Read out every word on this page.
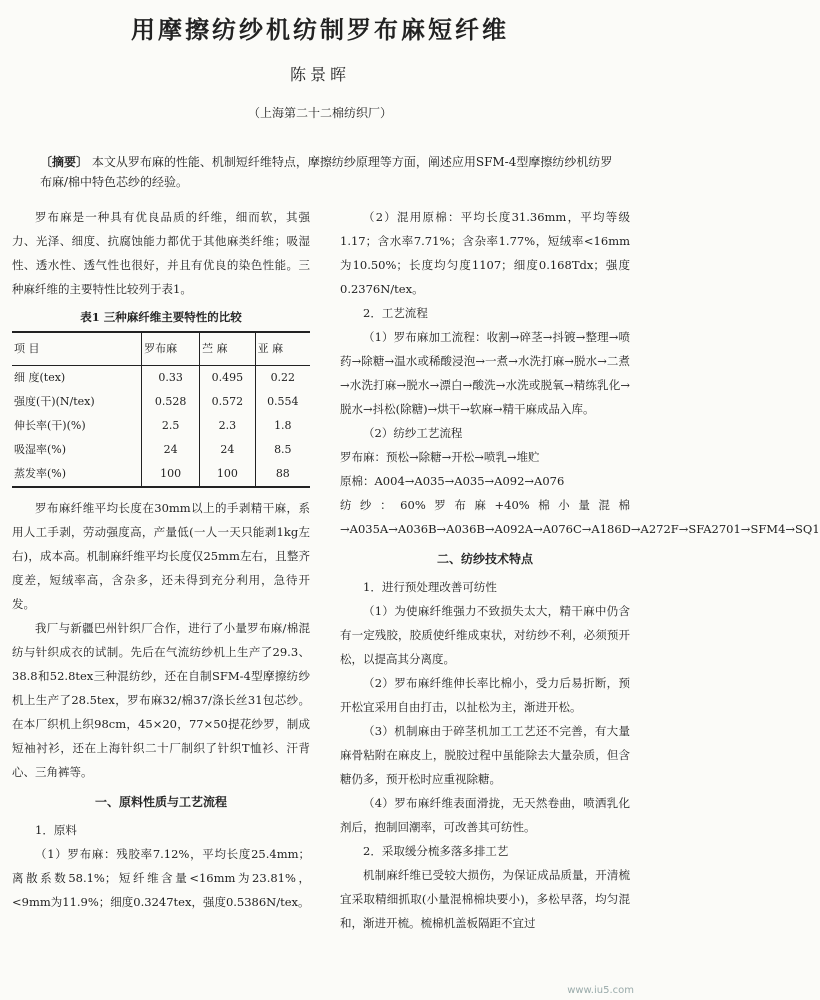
用摩擦纺纱机纺制罗布麻短纤维
陈景晖
（上海第二十二棉纺织厂）
〔摘要〕 本文从罗布麻的性能、机制短纤维特点，摩擦纺纱原理等方面，阐述应用SFM-4型摩擦纺纱机纺罗布麻/棉中特色芯纱的经验。

罗布麻是一种具有优良品质的纤维，细而软，其强力、光泽、细度、抗腐蚀能力都优于其他麻类纤维；吸湿性、透水性、透气性也很好，并且有优良的染色性能。三种麻纤维的主要特性比较列于表1。

表1 三种麻纤维主要特性的比较
项 目	罗布麻	苎 麻	亚 麻
细 度(tex)	0.33	0.495	0.22
强度(干)(N/tex)	0.528	0.572	0.554
伸长率(干)(%)	2.5	2.3	1.8
吸湿率(%)	24	24	8.5
蒸发率(%)	100	100	88

罗布麻纤维平均长度在30mm以上的手剥精干麻，系用人工手剥，劳动强度高，产量低(一人一天只能剥1kg左右)，成本高。机制麻纤维平均长度仅25mm左右，且整齐度差，短绒率高，含杂多，还未得到充分利用，急待开发。

我厂与新疆巴州针织厂合作，进行了小量罗布麻/棉混纺与针织成衣的试制。先后在气流纺纱机上生产了29.3、38.8和52.8tex三种混纺纱，还在自制SFM-4型摩擦纺纱机上生产了28.5tex，罗布麻32/棉37/涤长丝31包芯纱。在本厂织机上织98cm，45×20，77×50提花纱罗，制成短袖衬衫，还在上海针织二十厂制织了针织T恤衫、汗背心、三角裤等。

一、原料性质与工艺流程

1．原料

（1）罗布麻：残胶率7.12%，平均长度25.4mm；离散系数58.1%；短纤维含量<16mm为23.81%，<9mm为11.9%；细度0.3247tex，强度0.5386N/tex。

（2）混用原棉：平均长度31.36mm，平均等级1.17；含水率7.71%；含杂率1.77%，短绒率<16mm为10.50%；长度均匀度1107；细度0.168Tdx；强度0.2376N/tex。

2．工艺流程

（1）罗布麻加工流程：收割→碎茎→抖镀→整理→喷药→除糖→温水或稀酸浸泡→一煮→水洗打麻→脱水→二煮→水洗打麻→脱水→漂白→酸洗→水洗或脱氧→精练乳化→脱水→抖松(除糖)→烘干→软麻→精干麻成品入库。

（2）纺纱工艺流程

罗布麻：预松→除糖→开松→喷乳→堆贮

原棉：A004→A035→A035→A092→A076

纺纱：60%罗布麻+40%棉小量混棉→A035A→A036B→A036B→A092A→A076C→A186D→A272F→SFA2701→SFM4→SQ1

二、纺纱技术特点

1．进行预处理改善可纺性

（1）为使麻纤维强力不致损失太大，精干麻中仍含有一定残胶，胶质使纤维成束状，对纺纱不利，必须预开松，以提高其分离度。

（2）罗布麻纤维伸长率比棉小，受力后易折断，预开松宜采用自由打击，以扯松为主，渐进开松。

（3）机制麻由于碎茎机加工工艺还不完善，有大量麻骨粘附在麻皮上，脱胶过程中虽能除去大量杂质，但含糖仍多，预开松时应重视除糖。

（4）罗布麻纤维表面滑拢，无天然卷曲，喷洒乳化剂后，抱制回潮率，可改善其可纺性。

2．采取缓分梳多落多排工艺

机制麻纤维已受较大损伤，为保证成品质量，开清梳宜采取精细抓取(小量混棉棉块要小)，多松早落，均匀混和，渐进开梳。梳棉机盖板隔距不宜过

www.iu5.com
